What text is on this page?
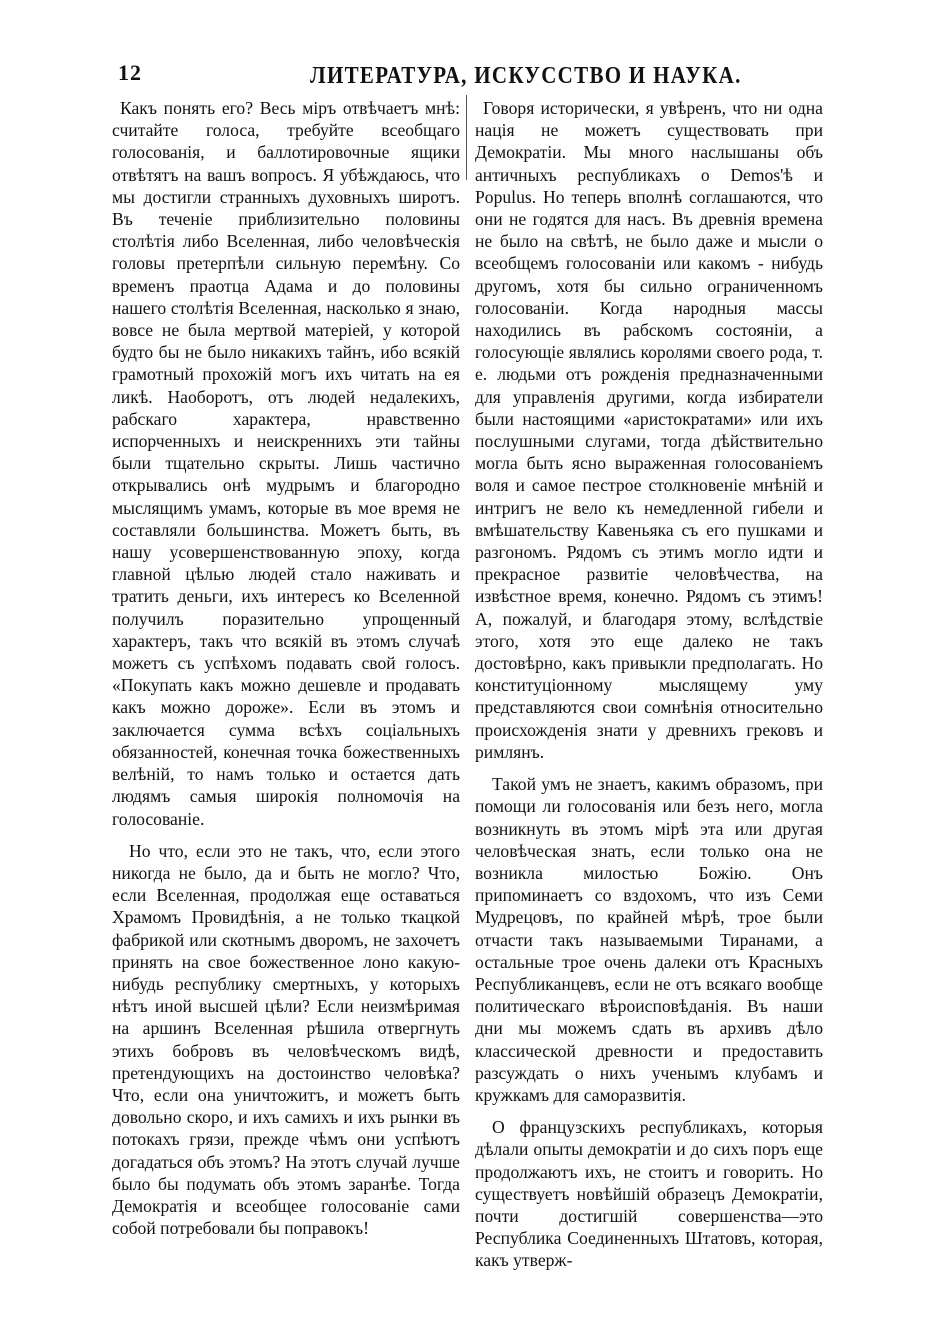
12	ЛИТЕРАТУРА, ИСКУССТВО И НАУКА.

Какъ понять его? Весь мiръ отвѣчаетъ мнѣ: считайте голоса, требуйте всеобщаго голосованiя, и баллотировочные ящики отвѣтятъ на вашъ вопросъ. Я убѣждаюсь, что мы достигли странныхъ духовныхъ широтъ. Въ теченiе приблизительно половины столѣтiя либо Вселенная, либо человѣческiя головы претерпѣли сильную перемѣну. Со временъ праотца Адама и до половины нашего столѣтiя Вселенная, насколько я знаю, вовсе не была мертвой матерiей, у которой будто бы не было никакихъ тайнъ, ибо всякiй грамотный прохожiй могъ ихъ читать на ея ликѣ. Наоборотъ, отъ людей недалекихъ, рабскаго характера, нравственно испорченныхъ и неискреннихъ эти тайны были тщательно скрыты. Лишь частично открывались онѣ мудрымъ и благородно мыслящимъ умамъ, которые въ мое время не составляли большинства. Можетъ быть, въ нашу усовершенствованную эпоху, когда главной цѣлью людей стало наживать и тратить деньги, ихъ интересъ ко Вселенной получилъ поразительно упрощенный характеръ, такъ что всякiй въ этомъ случаѣ можетъ съ успѣхомъ подавать свой голосъ. «Покупать какъ можно дешевле и продавать какъ можно дороже». Если въ этомъ и заключается сумма всѣхъ соцiальныхъ обязанностей, конечная точка божественныхъ велѣнiй, то намъ только и остается дать людямъ самыя широкiя полномочiя на голосованiе.

Но что, если это не такъ, что, если этого никогда не было, да и быть не могло? Что, если Вселенная, продолжая еще оставаться Храмомъ Провидѣнiя, а не только ткацкой фабрикой или скотнымъ дворомъ, не захочетъ принять на свое божественное лоно какую-нибудь республику смертныхъ, у которыхъ нѣтъ иной высшей цѣли? Если неизмѣримая на аршинъ Вселенная рѣшила отвергнуть этихъ бобровъ въ человѣческомъ видѣ, претендующихъ на достоинство человѣка? Что, если она уничтожитъ, и можетъ быть довольно скоро, и ихъ самихъ и ихъ рынки въ потокахъ грязи, прежде чѣмъ они успѣютъ догадаться объ этомъ? На этотъ случай лучше было бы подумать объ этомъ заранѣе. Тогда Демократiя и всеобщее голосованiе сами собой потребовали бы поправокъ!

Говоря исторически, я увѣренъ, что ни одна нацiя не можетъ существовать при Демократiи. Мы много наслышаны объ античныхъ республикахъ о Demos'ѣ и Populus. Но теперь вполнѣ соглашаются, что они не годятся для насъ. Въ древнiя времена не было на свѣтѣ, не было даже и мысли о всеобщемъ голосованiи или какомъ - нибудь другомъ, хотя бы сильно ограниченномъ голосованiи. Когда народныя массы находились въ рабскомъ состоянiи, а голосующiе являлись королями своего рода, т. е. людьми отъ рожденiя предназначенными для управленiя другими, когда избиратели были настоящими «аристократами» или ихъ послушными слугами, тогда дѣйствительно могла быть ясно выраженная голосованiемъ воля и самое пестрое столкновенiе мнѣнiй и интригъ не вело къ немедленной гибели и вмѣшательству Кавеньяка съ его пушками и разгономъ. Рядомъ съ этимъ могло идти и прекрасное развитiе человѣчества, на извѣстное время, конечно. Рядомъ съ этимъ! А, пожалуй, и благодаря этому, вслѣдствiе этого, хотя это еще далеко не такъ достовѣрно, какъ привыкли предполагать. Но конституцiонному мыслящему уму представляются свои сомнѣнiя относительно происхожденiя знати у древнихъ грековъ и римлянъ.

Такой умъ не знаетъ, какимъ образомъ, при помощи ли голосованiя или безъ него, могла возникнуть въ этомъ мiрѣ эта или другая человѣческая знать, если только она не возникла милостью Божiю. Онъ припоминаетъ со вздохомъ, что изъ Семи Мудрецовъ, по крайней мѣрѣ, трое были отчасти такъ называемыми Тиранами, а остальные трое очень далеки отъ Красныхъ Республиканцевъ, если не отъ всякаго вообще политическаго вѣроисповѣданiя. Въ наши дни мы можемъ сдать въ архивъ дѣло классической древности и предоставить разсуждать о нихъ ученымъ клубамъ и кружкамъ для саморазвитiя.

О французскихъ республикахъ, которыя дѣлали опыты демократiи и до сихъ поръ еще продолжаютъ ихъ, не стоитъ и говорить. Но существуетъ новѣйшiй образецъ Демократiи, почти достигшiй совершенства—это Республика Соединенныхъ Штатовъ, которая, какъ утверж-
